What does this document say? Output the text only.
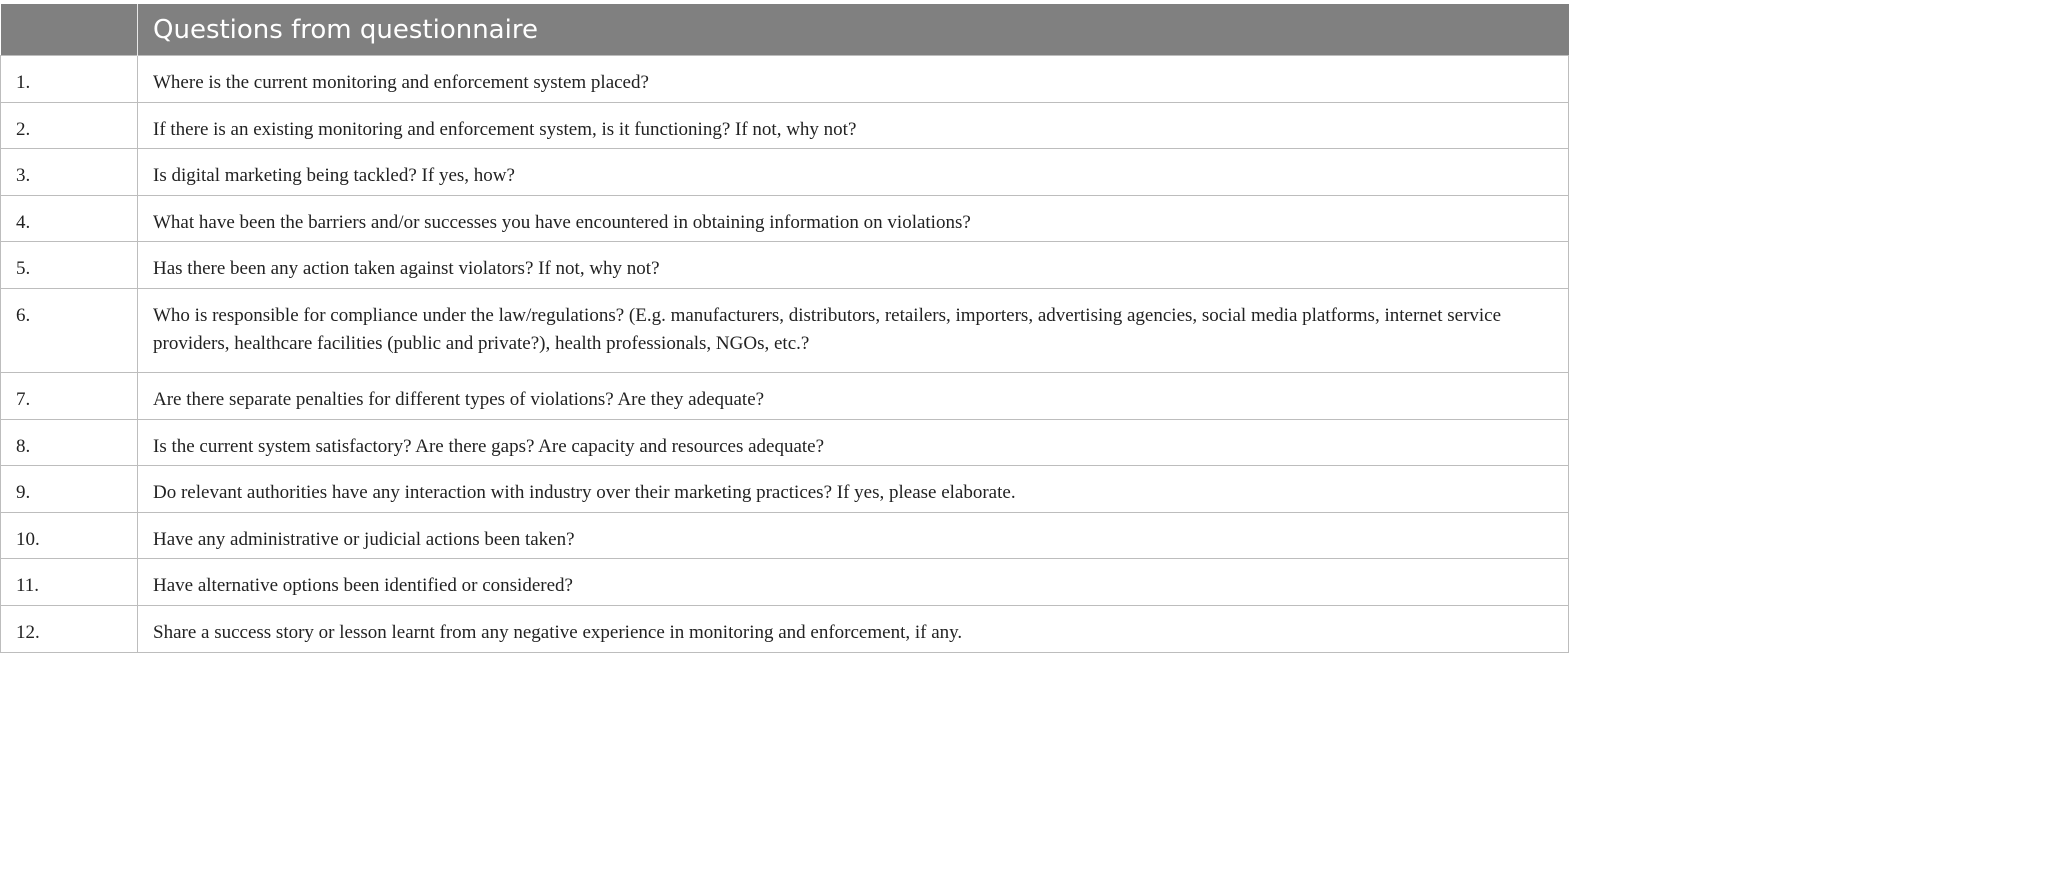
	Questions from questionnaire
1.	Where is the current monitoring and enforcement system placed?
2.	If there is an existing monitoring and enforcement system, is it functioning? If not, why not?
3.	Is digital marketing being tackled? If yes, how?
4.	What have been the barriers and/or successes you have encountered in obtaining information on violations?
5.	Has there been any action taken against violators? If not, why not?
6.	Who is responsible for compliance under the law/regulations? (E.g. manufacturers, distributors, retailers, importers, advertising agencies, social media platforms, internet service providers, healthcare facilities (public and private?), health professionals, NGOs, etc.?
7.	Are there separate penalties for different types of violations? Are they adequate?
8.	Is the current system satisfactory? Are there gaps? Are capacity and resources adequate?
9.	Do relevant authorities have any interaction with industry over their marketing practices? If yes, please elaborate.
10.	Have any administrative or judicial actions been taken?
11.	Have alternative options been identified or considered?
12.	Share a success story or lesson learnt from any negative experience in monitoring and enforcement, if any.
